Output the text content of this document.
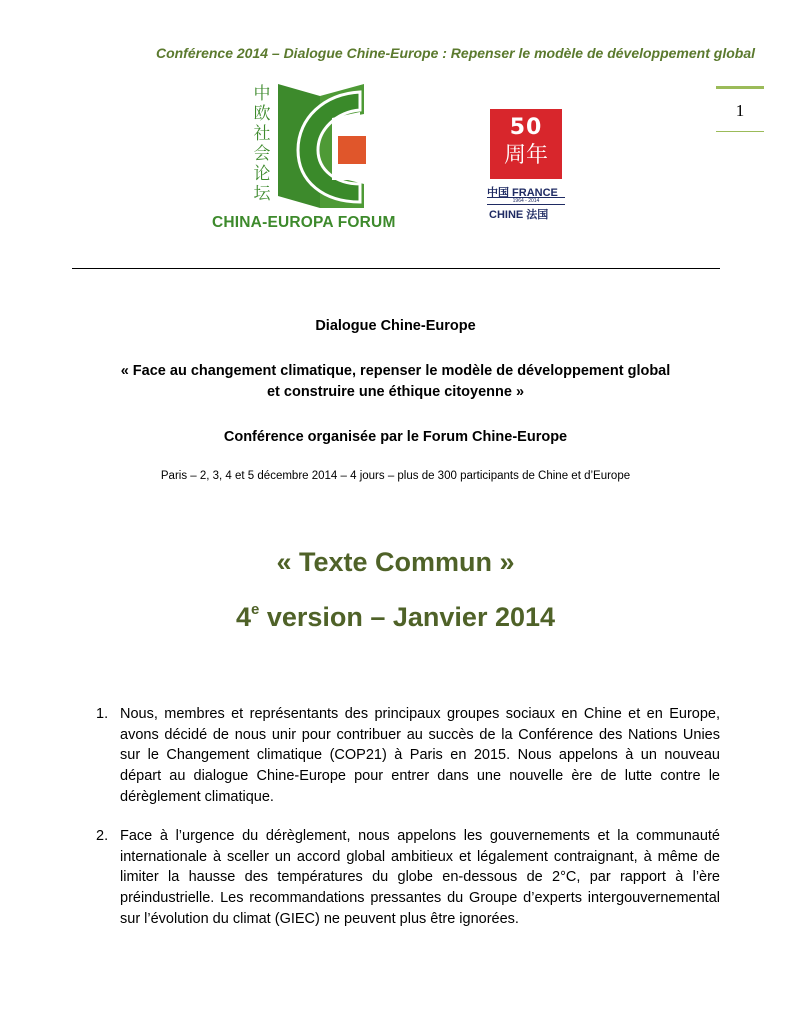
Conférence 2014 – Dialogue Chine-Europe : Repenser le modèle de développement global
1
中
欧
社
会
论
坛
CHINA-EUROPA FORUM
50
周年
中国 FRANCE
1964 - 2014
CHINE 法国
Dialogue Chine-Europe
« Face au changement climatique, repenser le modèle de développement global
et construire une éthique citoyenne »
Conférence organisée par le Forum Chine-Europe
Paris – 2, 3, 4 et 5 décembre 2014 – 4 jours – plus de 300 participants de Chine et d’Europe
« Texte Commun »
4e version – Janvier 2014
1. Nous, membres et représentants des principaux groupes sociaux en Chine et en Europe, avons décidé de nous unir pour contribuer au succès de la Conférence des Nations Unies sur le Changement climatique (COP21) à Paris en 2015. Nous appelons à un nouveau départ au dialogue Chine-Europe pour entrer dans une nouvelle ère de lutte contre le dérèglement climatique.
2. Face à l’urgence du dérèglement, nous appelons les gouvernements et la communauté internationale à sceller un accord global ambitieux et légalement contraignant, à même de limiter la hausse des températures du globe en-dessous de 2°C, par rapport à l’ère préindustrielle. Les recommandations pressantes du Groupe d’experts intergouvernemental sur l’évolution du climat (GIEC) ne peuvent plus être ignorées.
